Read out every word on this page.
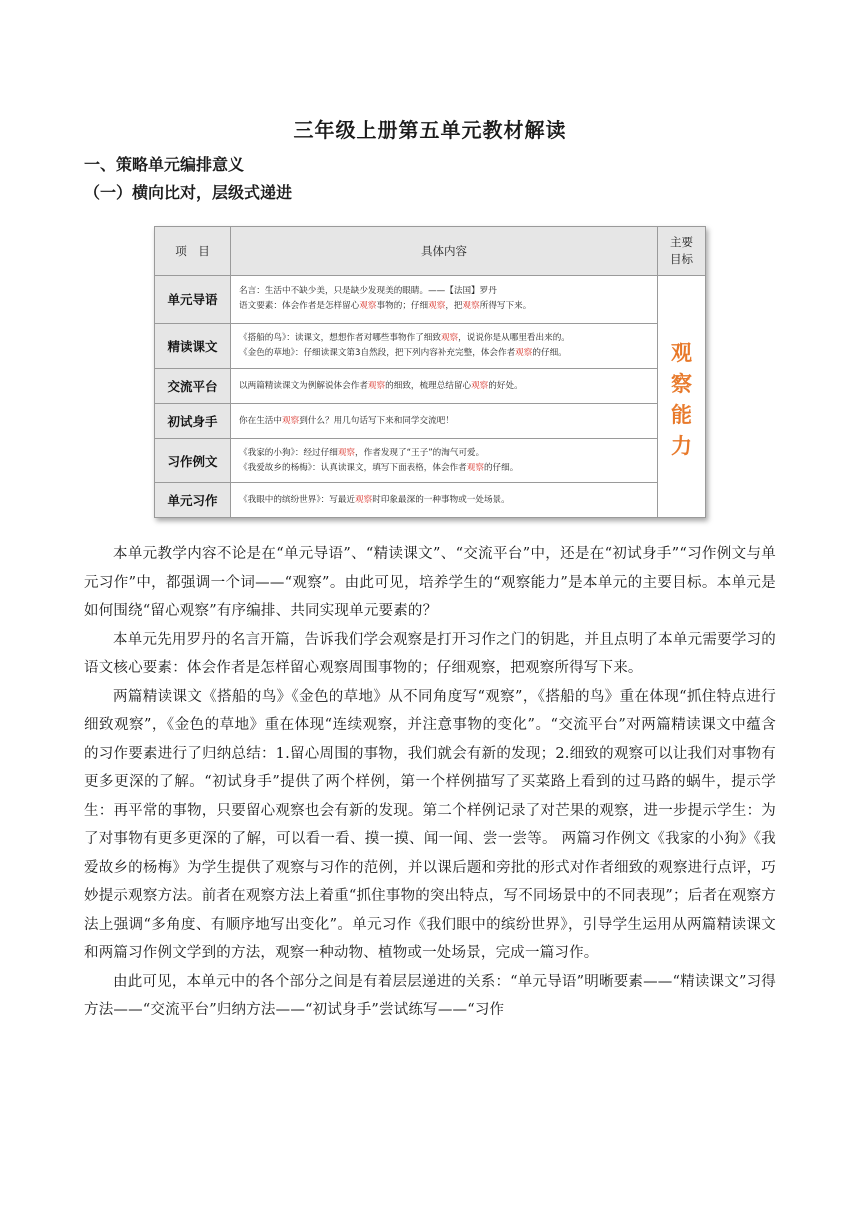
三年级上册第五单元教材解读
一、策略单元编排意义
（一）横向比对，层级式递进
项　目	具体内容	主要
目标
单元导语	名言：生活中不缺少美，只是缺少发现美的眼睛。——【法国】罗丹
语文要素：体会作者是怎样留心观察事物的；仔细观察，把观察所得写下来。	观察能力
精读课文	《搭船的鸟》：读课文，想想作者对哪些事物作了细致观察，说说你是从哪里看出来的。
《金色的草地》：仔细读课文第3自然段，把下列内容补充完整，体会作者观察的仔细。	

交流平台	以两篇精读课文为例解说体会作者观察的细致，梳理总结留心观察的好处。	

初试身手	你在生活中观察到什么？用几句话写下来和同学交流吧！	

习作例文	《我家的小狗》：经过仔细观察，作者发现了“王子”的淘气可爱。
《我爱故乡的杨梅》：认真读课文，填写下面表格，体会作者观察的仔细。	

单元习作	《我眼中的缤纷世界》：写最近观察时印象最深的一种事物或一处场景。	

本单元教学内容不论是在“单元导语”、“精读课文”、“交流平台”中，还是在“初试身手”“习作例文与单元习作”中，都强调一个词——“观察”。由此可见，培养学生的“观察能力”是本单元的主要目标。本单元是如何围绕“留心观察”有序编排、共同实现单元要素的？

本单元先用罗丹的名言开篇，告诉我们学会观察是打开习作之门的钥匙，并且点明了本单元需要学习的语文核心要素：体会作者是怎样留心观察周围事物的；仔细观察，把观察所得写下来。

两篇精读课文《搭船的鸟》《金色的草地》从不同角度写“观察”，《搭船的鸟》重在体现“抓住特点进行细致观察”，《金色的草地》重在体现“连续观察，并注意事物的变化”。“交流平台”对两篇精读课文中蕴含的习作要素进行了归纳总结：1.留心周围的事物，我们就会有新的发现；2.细致的观察可以让我们对事物有更多更深的了解。“初试身手”提供了两个样例，第一个样例描写了买菜路上看到的过马路的蜗牛，提示学生：再平常的事物，只要留心观察也会有新的发现。第二个样例记录了对芒果的观察，进一步提示学生：为了对事物有更多更深的了解，可以看一看、摸一摸、闻一闻、尝一尝等。 两篇习作例文《我家的小狗》《我爱故乡的杨梅》为学生提供了观察与习作的范例，并以课后题和旁批的形式对作者细致的观察进行点评，巧妙提示观察方法。前者在观察方法上着重“抓住事物的突出特点，写不同场景中的不同表现”；后者在观察方法上强调“多角度、有顺序地写出变化”。单元习作《我们眼中的缤纷世界》，引导学生运用从两篇精读课文和两篇习作例文学到的方法，观察一种动物、植物或一处场景，完成一篇习作。

由此可见，本单元中的各个部分之间是有着层层递进的关系：“单元导语”明晰要素——“精读课文”习得方法——“交流平台”归纳方法——“初试身手”尝试练写——“习作
